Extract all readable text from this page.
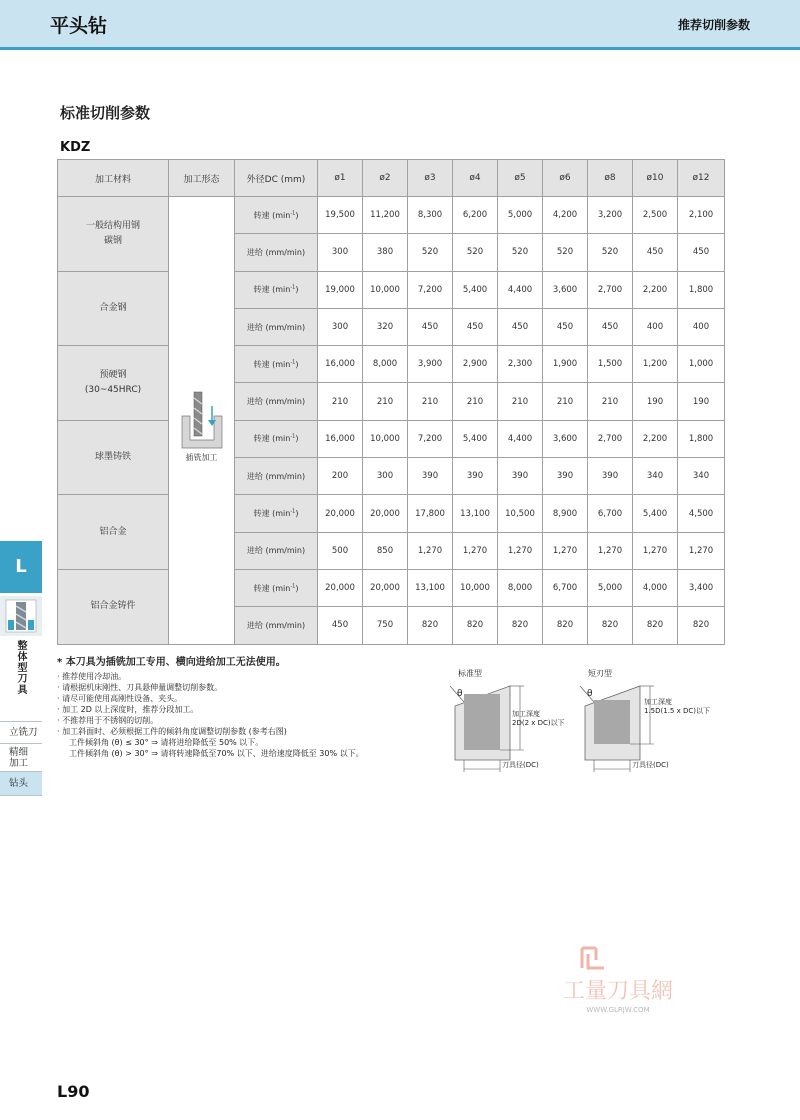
平头钻	推荐切削参数
标准切削参数
KDZ
加工材料	加工形态	外径DC (mm)	ø1	ø2	ø3	ø4	ø5	ø6	ø8	ø10	ø12

一般结构用钢
碳钢	插铣加工	转速 $(\min^{-1})$	19,500	11,200	8,300	6,200	5,000	4,200	3,200	2,500	2,100
		进给 (mm/min)	300	380	520	520	520	520	520	450	450

合金钢		转速 $(\min^{-1})$	19,000	10,000	7,200	5,400	4,400	3,600	2,700	2,200	1,800
		进给 (mm/min)	300	320	450	450	450	450	450	400	400

预硬钢
(30~45HRC)		转速 $(\min^{-1})$	16,000	8,000	3,900	2,900	2,300	1,900	1,500	1,200	1,000
		进给 (mm/min)	210	210	210	210	210	210	210	190	190

球墨铸铁		转速 $(\min^{-1})$	16,000	10,000	7,200	5,400	4,400	3,600	2,700	2,200	1,800
		进给 (mm/min)	200	300	390	390	390	390	390	340	340

铝合金		转速 $(\min^{-1})$	20,000	20,000	17,800	13,100	10,500	8,900	6,700	5,400	4,500
		进给 (mm/min)	500	850	1,270	1,270	1,270	1,270	1,270	1,270	1,270

铝合金铸件		转速 $(\min^{-1})$	20,000	20,000	13,100	10,000	8,000	6,700	5,000	4,000	3,400
		进给 (mm/min)	450	750	820	820	820	820	820	820	820
* 本刀具为插铣加工专用、横向进给加工无法使用。
· 推荐使用冷却油。
· 请根据机床刚性、刀具悬伸量调整切削参数。
· 请尽可能使用高刚性设备、夹头。
· 加工 2D 以上深度时，推荐分段加工。
· 不推荐用于不锈钢的切削。
· 加工斜面时、必须根据工件的倾斜角度调整切削参数 (参考右图)
工件倾斜角 (θ) ≤ 30° ⇒ 请将进给降低至 50% 以下。
工件倾斜角 (θ) > 30° ⇒ 请将转速降低至70% 以下、进给速度降低至 30% 以下。
标准型
θ
加工深度
2D(2 x DC)以下
刀具径(DC)
短刃型
θ
加工深度
1.5D(1.5 x DC)以下
刀具径(DC)
L
整体型刀具
立铣刀
精细加工
钻头
工量刀具網
WWW.GLRJW.COM
L90
